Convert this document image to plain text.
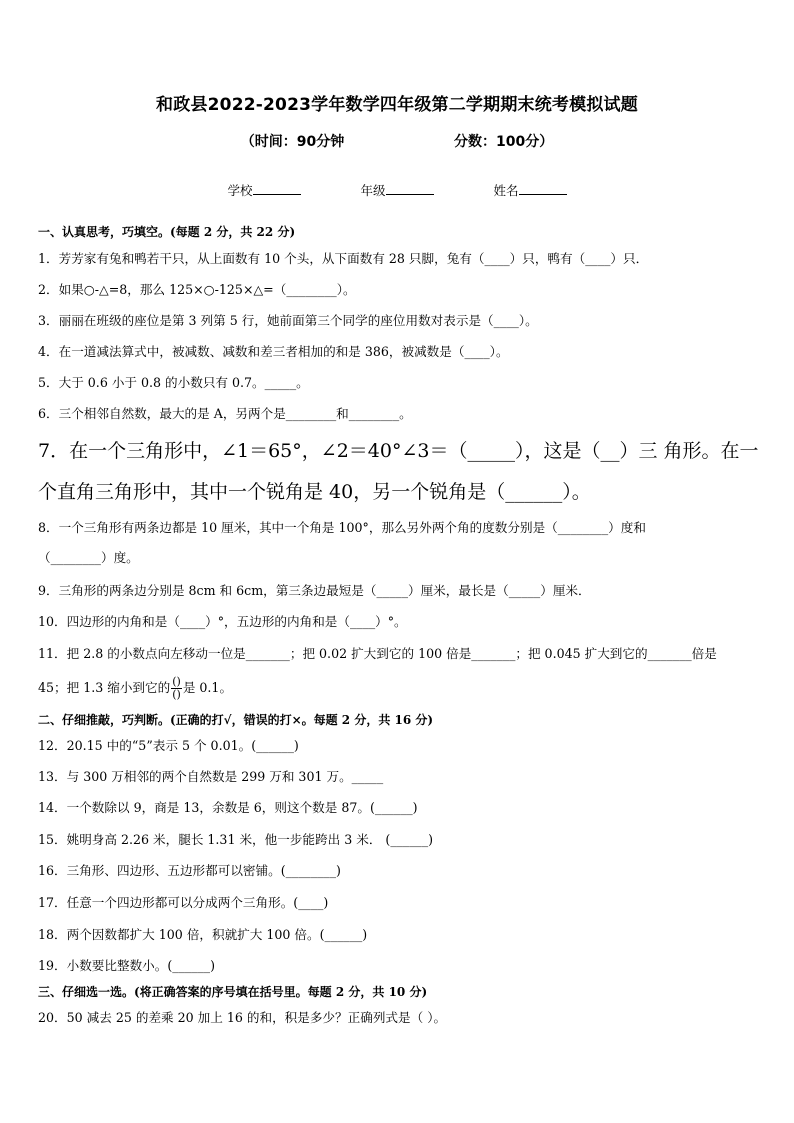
和政县2022-2023学年数学四年级第二学期期末统考模拟试题
（时间：90分钟	分数：100分）
学校	年级	姓名
一、认真思考，巧填空。(每题 2 分，共 22 分)
1．芳芳家有兔和鸭若干只，从上面数有 10 个头，从下面数有 28 只脚，兔有（____）只，鸭有（____）只．
2．如果○-△=8，那么 125×○-125×△=（________）。
3．丽丽在班级的座位是第 3 列第 5 行，她前面第三个同学的座位用数对表示是（____）。
4．在一道减法算式中，被减数、减数和差三者相加的和是 386，被减数是（____）。
5．大于 0.6 小于 0.8 的小数只有 0.7。_____。
6．三个相邻自然数，最大的是 A，另两个是________和________。
7．在一个三角形中，∠1＝65°，∠2＝40°∠3＝（_____），这是（__）三 角形。在一
个直角三角形中，其中一个锐角是 40，另一个锐角是（______）。
8．一个三角形有两条边都是 10 厘米，其中一个角是 100°，那么另外两个角的度数分别是（________）度和
（________）度。
9．三角形的两条边分别是 8cm 和 6cm，第三条边最短是（_____）厘米，最长是（_____）厘米．
10．四边形的内角和是（____）°，五边形的内角和是（____）°。
11．把 2.8 的小数点向左移动一位是_______；把 0.02 扩大到它的 100 倍是_______；把 0.045 扩大到它的_______倍是
45；把 1.3 缩小到它的 $\frac{()}{()}$ 是 0.1。
二、仔细推敲，巧判断。(正确的打√，错误的打×。每题 2 分，共 16 分)
12．20.15 中的“5”表示 5 个 0.01。(______)
13．与 300 万相邻的两个自然数是 299 万和 301 万。_____
14．一个数除以 9，商是 13，余数是 6，则这个数是 87。(______)
15．姚明身高 2.26 米，腿长 1.31 米，他一步能跨出 3 米． (______)
16．三角形、四边形、五边形都可以密铺。(________)
17．任意一个四边形都可以分成两个三角形。(____)
18．两个因数都扩大 100 倍，积就扩大 100 倍。(______)
19．小数要比整数小。(______)
三、仔细选一选。(将正确答案的序号填在括号里。每题 2 分，共 10 分)
20．50 减去 25 的差乘 20 加上 16 的和，积是多少？正确列式是（ ）。
